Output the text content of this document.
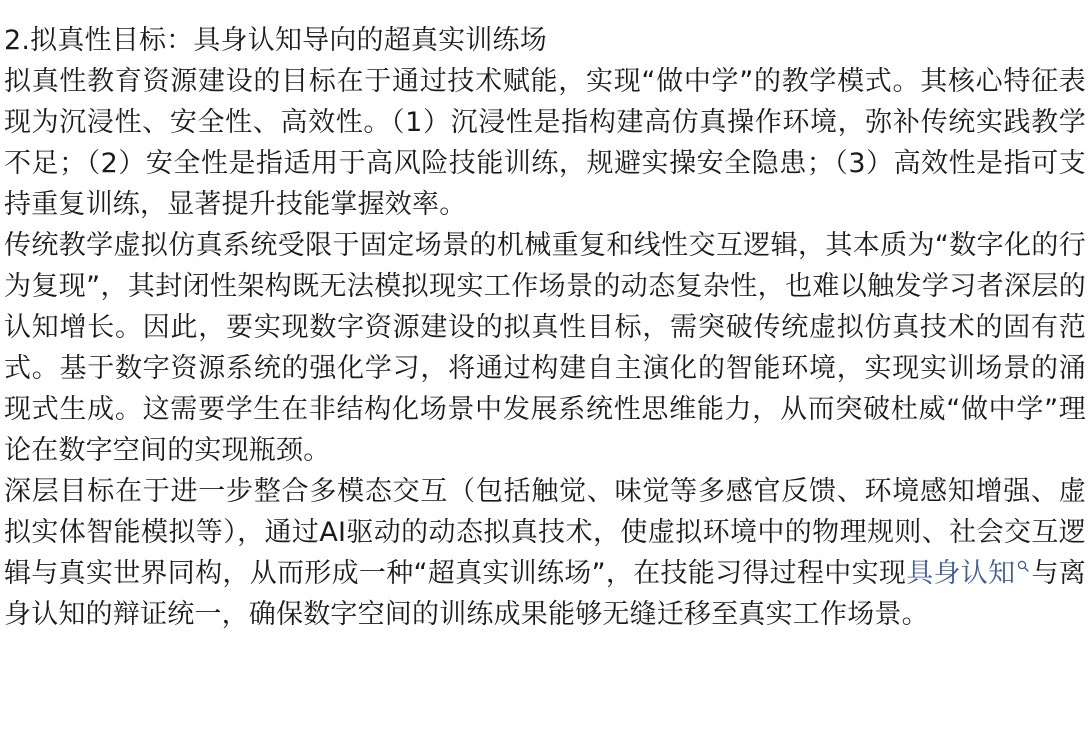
2.拟真性目标：具身认知导向的超真实训练场

拟真性教育资源建设的目标在于通过技术赋能，实现“做中学”的教学模式。其核心特征表现为沉浸性、安全性、高效性。（1）沉浸性是指构建高仿真操作环境，弥补传统实践教学不足；（2）安全性是指适用于高风险技能训练，规避实操安全隐患；（3）高效性是指可支持重复训练，显著提升技能掌握效率。

传统教学虚拟仿真系统受限于固定场景的机械重复和线性交互逻辑，其本质为“数字化的行为复现”，其封闭性架构既无法模拟现实工作场景的动态复杂性，也难以触发学习者深层的认知增长。因此，要实现数字资源建设的拟真性目标，需突破传统虚拟仿真技术的固有范式。基于数字资源系统的强化学习，将通过构建自主演化的智能环境，实现实训场景的涌现式生成。这需要学生在非结构化场景中发展系统性思维能力，从而突破杜威“做中学”理论在数字空间的实现瓶颈。

深层目标在于进一步整合多模态交互（包括触觉、味觉等多感官反馈、环境感知增强、虚拟实体智能模拟等），通过AI驱动的动态拟真技术，使虚拟环境中的物理规则、社会交互逻辑与真实世界同构，从而形成一种“超真实训练场”，在技能习得过程中实现具身认知 与离身认知的辩证统一，确保数字空间的训练成果能够无缝迁移至真实工作场景。
